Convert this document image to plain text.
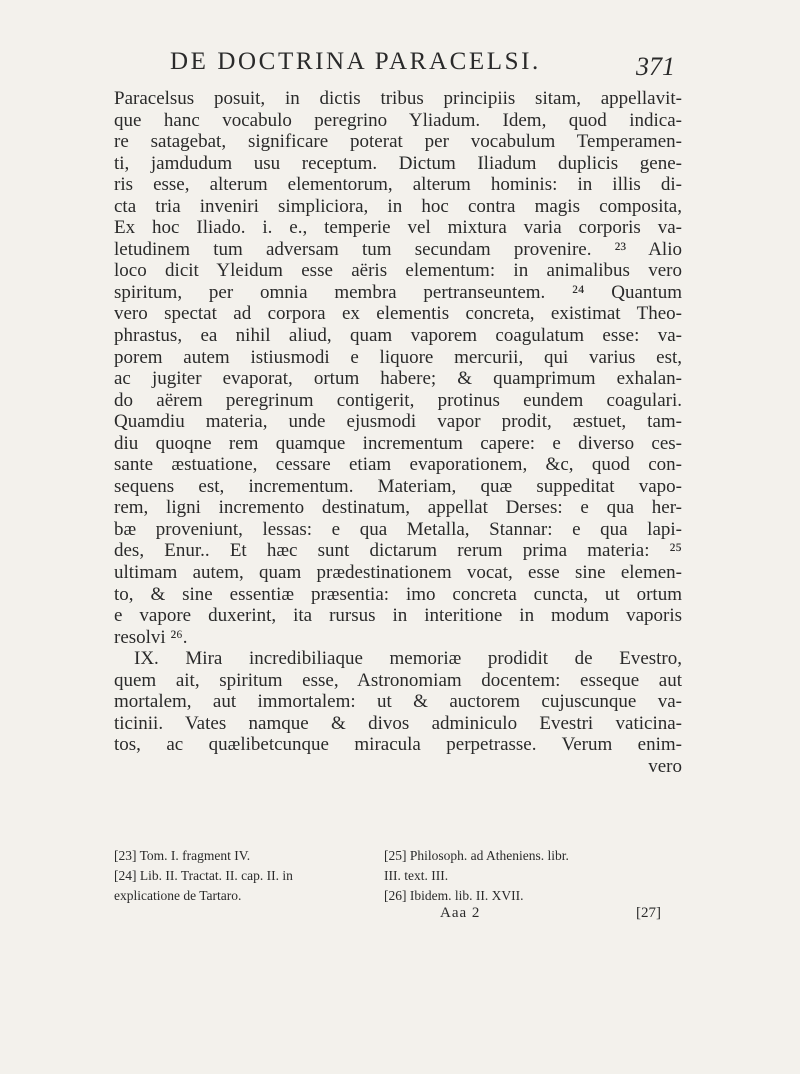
DE DOCTRINA PARACELSI.	371
Paracelsus posuit, in dictis tribus principiis sitam, appellavit-
que hanc vocabulo peregrino Yliadum. Idem, quod indica-
re satagebat, significare poterat per vocabulum Temperamen-
ti, jamdudum usu receptum. Dictum Iliadum duplicis gene-
ris esse, alterum elementorum, alterum hominis: in illis di-
cta tria inveniri simpliciora, in hoc contra magis composita,
Ex hoc Iliado. i. e., temperie vel mixtura varia corporis va-
letudinem tum adversam tum secundam provenire. ²³ Alio
loco dicit Yleidum esse aëris elementum: in animalibus vero
spiritum, per omnia membra pertranseuntem. ²⁴ Quantum
vero spectat ad corpora ex elementis concreta, existimat Theo-
phrastus, ea nihil aliud, quam vaporem coagulatum esse: va-
porem autem istiusmodi e liquore mercurii, qui varius est,
ac jugiter evaporat, ortum habere; & quamprimum exhalan-
do aërem peregrinum contigerit, protinus eundem coagulari.
Quamdiu materia, unde ejusmodi vapor prodit, æstuet, tam-
diu quoqne rem quamque incrementum capere: e diverso ces-
sante æstuatione, cessare etiam evaporationem, &c, quod con-
sequens est, incrementum. Materiam, quæ suppeditat vapo-
rem, ligni incremento destinatum, appellat Derses: e qua her-
bæ proveniunt, lessas: e qua Metalla, Stannar: e qua lapi-
des, Enur.. Et hæc sunt dictarum rerum prima materia: ²⁵
ultimam autem, quam prædestinationem vocat, esse sine elemen-
to, & sine essentiæ præsentia: imo concreta cuncta, ut ortum
e vapore duxerint, ita rursus in interitione in modum vaporis
resolvi ²⁶.
IX. Mira incredibiliaque memoriæ prodidit de Evestro,
quem ait, spiritum esse, Astronomiam docentem: esseque aut
mortalem, aut immortalem: ut & auctorem cujuscunque va-
ticinii. Vates namque & divos adminiculo Evestri vaticina-
tos, ac quælibetcunque miracula perpetrasse. Verum enim-
vero
[23] Tom. I. fragment IV.
[24] Lib. II. Tractat. II. cap. II. in
explicatione de Tartaro.
[25] Philosoph. ad Atheniens. libr.
III. text. III.
[26] Ibidem. lib. II. XVII.
Aaa 2	[27]
